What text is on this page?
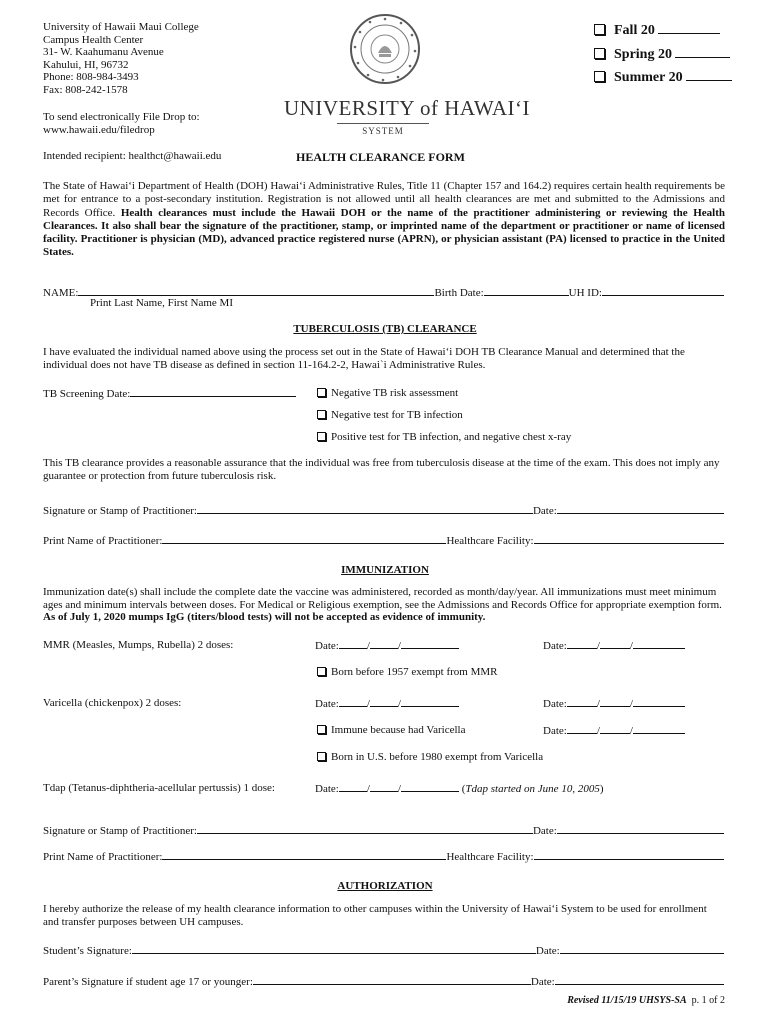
University of Hawaii Maui College
Campus Health Center
31- W. Kaahumanu Avenue
Kahului, HI, 96732
Phone: 808-984-3493
Fax: 808-242-1578
To send electronically File Drop to:
www.hawaii.edu/filedrop
Intended recipient: healthct@hawaii.edu
UNIVERSITY of HAWAI‘I
SYSTEM
HEALTH CLEARANCE FORM
Fall 20
Spring 20
Summer 20
The State of Hawai‘i Department of Health (DOH) Hawai‘i Administrative Rules, Title 11 (Chapter 157 and 164.2) requires certain health requirements be met for entrance to a post-secondary institution. Registration is not allowed until all health clearances are met and submitted to the Admissions and Records Office. Health clearances must include the Hawaii DOH or the name of the practitioner administering or reviewing the Health Clearances. It also shall bear the signature of the practitioner, stamp, or imprinted name of the department or practitioner or name of licensed facility. Practitioner is physician (MD), advanced practice registered nurse (APRN), or physician assistant (PA) licensed to practice in the United States.
NAME:	Birth Date:	UH ID:
Print Last Name, First Name MI
TUBERCULOSIS (TB) CLEARANCE
I have evaluated the individual named above using the process set out in the State of Hawai‘i DOH TB Clearance Manual and determined that the individual does not have TB disease as defined in section 11-164.2-2, Hawai`i Administrative Rules.
TB Screening Date:	Negative TB risk assessment
Negative test for TB infection
Positive test for TB infection, and negative chest x-ray
This TB clearance provides a reasonable assurance that the individual was free from tuberculosis disease at the time of the exam. This does not imply any guarantee or protection from future tuberculosis risk.
Signature or Stamp of Practitioner:	Date:
Print Name of Practitioner:	Healthcare Facility:
IMMUNIZATION
Immunization date(s) shall include the complete date the vaccine was administered, recorded as month/day/year. All immunizations must meet minimum ages and minimum intervals between doses. For Medical or Religious exemption, see the Admissions and Records Office for appropriate exemption form. As of July 1, 2020 mumps IgG (titers/blood tests) will not be accepted as evidence of immunity.
MMR (Measles, Mumps, Rubella) 2 doses:	Date:	/	/	Date:	/	/
Born before 1957 exempt from MMR
Varicella (chickenpox) 2 doses:	Date:	/	/	Date:	/	/
Immune because had Varicella	Date:	/	/
Born in U.S. before 1980 exempt from Varicella
Tdap (Tetanus-diphtheria-acellular pertussis) 1 dose:	Date:	/	/	(Tdap started on June 10, 2005)
Signature or Stamp of Practitioner:	Date:
Print Name of Practitioner:	Healthcare Facility:
AUTHORIZATION
I hereby authorize the release of my health clearance information to other campuses within the University of Hawai‘i System to be used for enrollment and transfer purposes between UH campuses.
Student’s Signature:	Date:
Parent’s Signature if student age 17 or younger:	Date:
Revised 11/15/19 UHSYS-SA p. 1 of 2
